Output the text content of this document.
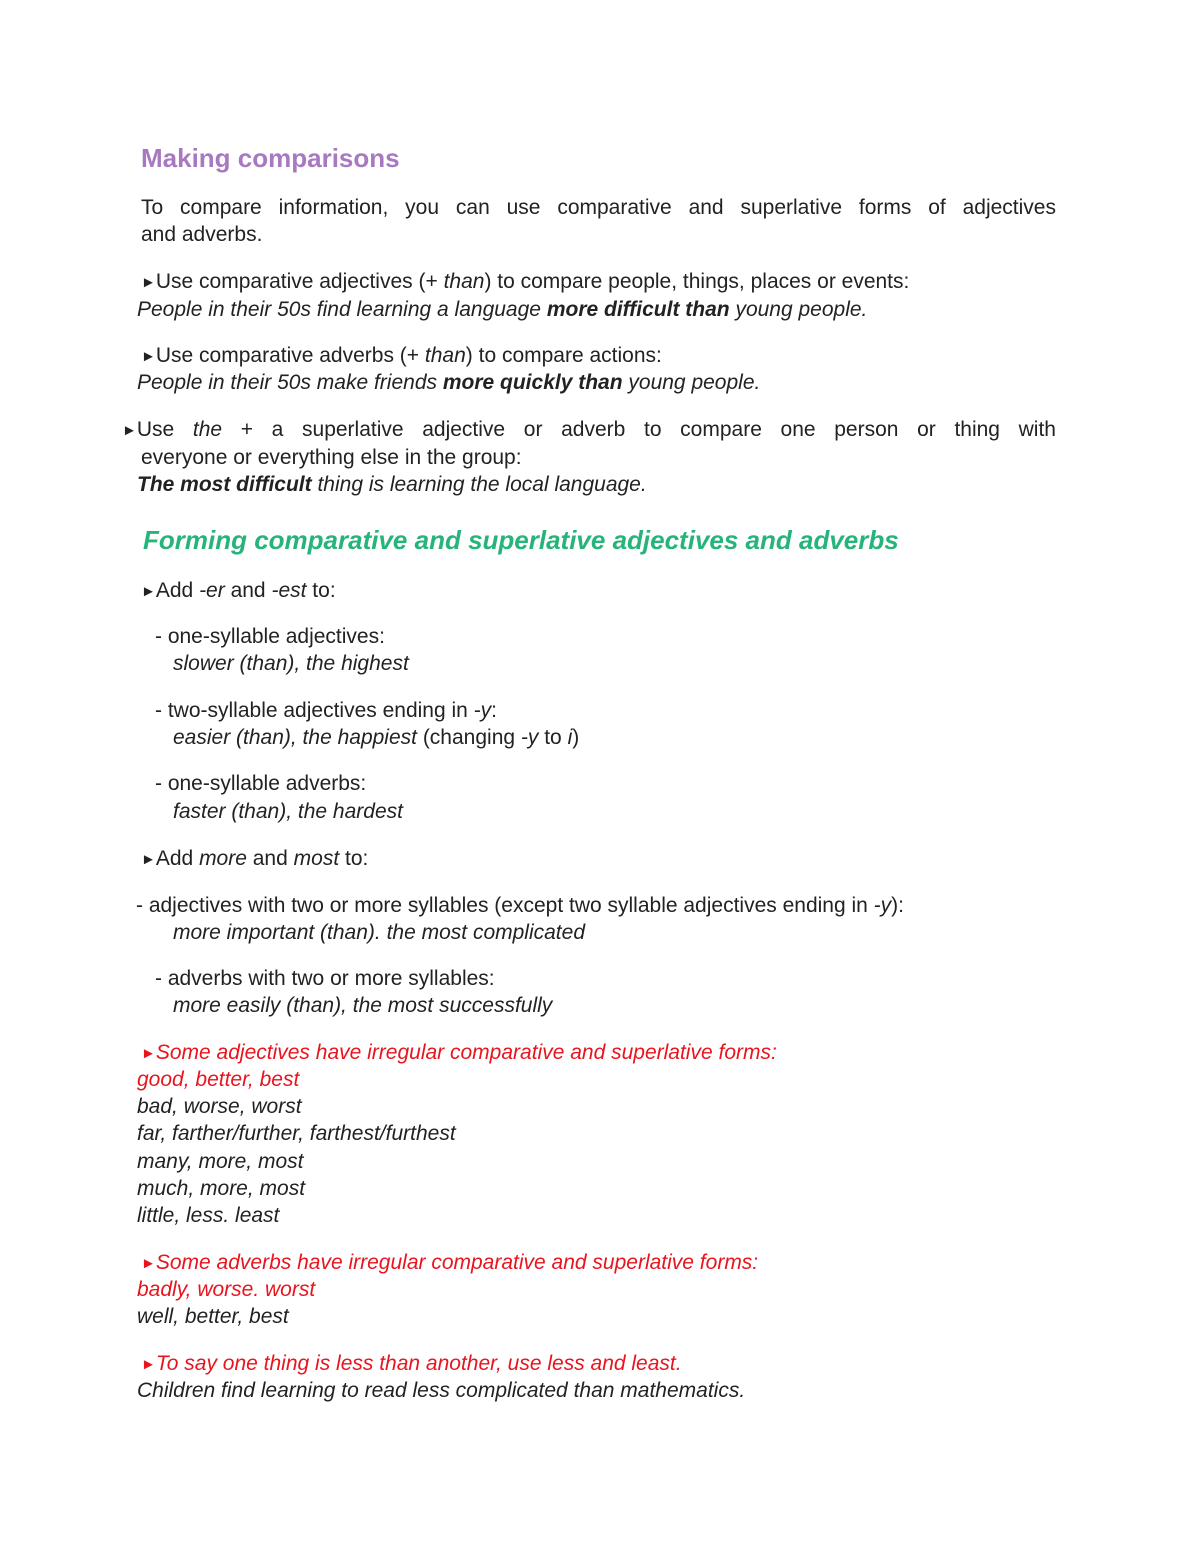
Making comparisons
To compare information, you can use comparative and superlative forms of adjectives
and adverbs.
►Use comparative adjectives (+ than) to compare people, things, places or events:
People in their 50s find learning a language more difficult than young people.
►Use comparative adverbs (+ than) to compare actions:
People in their 50s make friends more quickly than young people.
►Use the + a superlative adjective or adverb to compare one person or thing with
everyone or everything else in the group:
The most difficult thing is learning the local language.
Forming comparative and superlative adjectives and adverbs
►Add -er and -est to:
- one-syllable adjectives:
slower (than), the highest
- two-syllable adjectives ending in -y:
easier (than), the happiest (changing -y to i)
- one-syllable adverbs:
faster (than), the hardest
►Add more and most to:
- adjectives with two or more syllables (except two syllable adjectives ending in -y):
more important (than). the most complicated
- adverbs with two or more syllables:
more easily (than), the most successfully
►Some adjectives have irregular comparative and superlative forms:
good, better, best
bad, worse, worst
far, farther/further, farthest/furthest
many, more, most
much, more, most
little, less. least
►Some adverbs have irregular comparative and superlative forms:
badly, worse. worst
well, better, best
►To say one thing is less than another, use less and least.
Children find learning to read less complicated than mathematics.
